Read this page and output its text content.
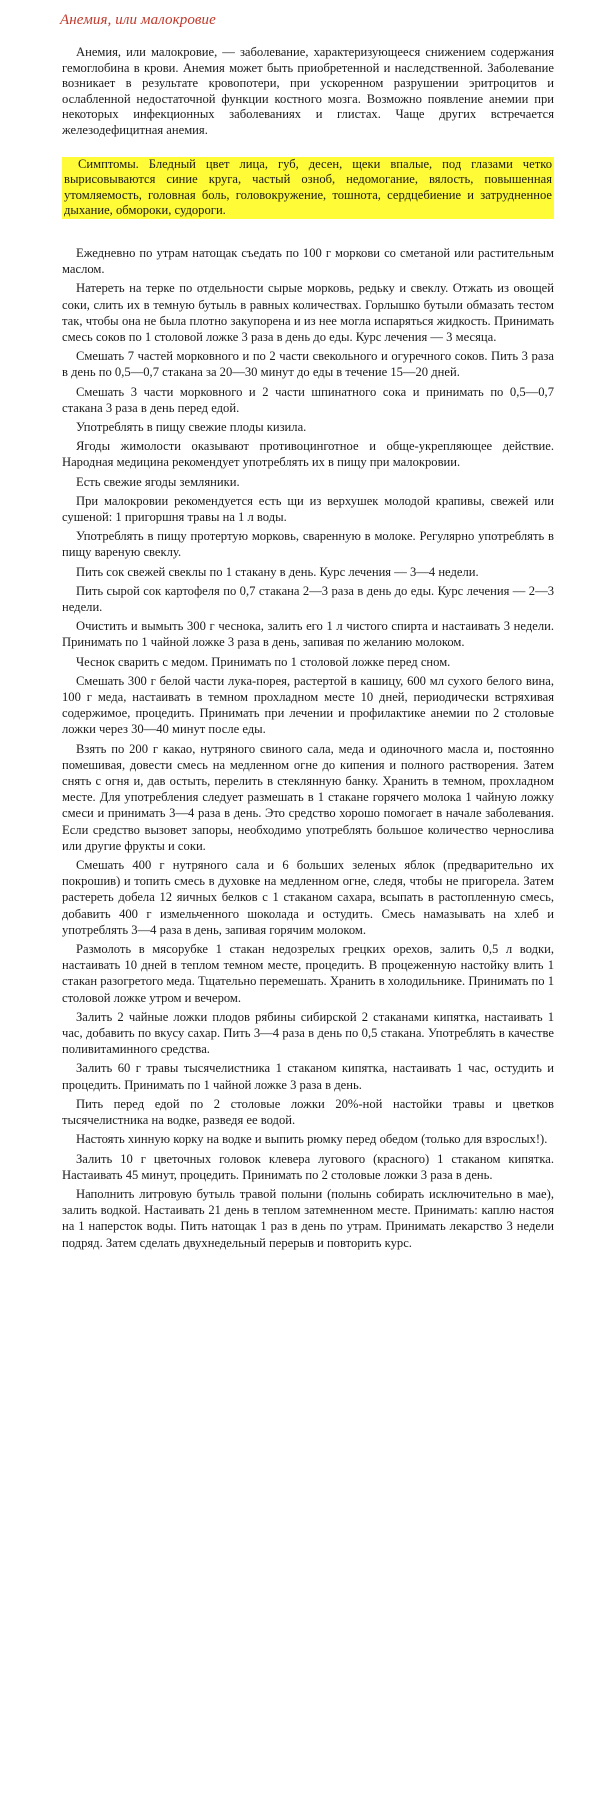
Анемия, или малокровие

Анемия, или малокровие, — заболевание, характеризующееся снижением содержания гемоглобина в крови. Анемия может быть приобретенной и наследственной. Заболевание возникает в результате кровопотери, при ускоренном разрушении эритроцитов и ослабленной недостаточной функции костного мозга. Возможно появление анемии при некоторых инфекционных заболеваниях и глистах. Чаще других встречается железодефицитная анемия.

Симптомы. Бледный цвет лица, губ, десен, щеки впалые, под глазами четко вырисовываются синие круга, частый озноб, недомогание, вялость, повышенная утомляемость, головная боль, головокружение, тошнота, сердцебиение и затрудненное дыхание, обмороки, судороги.

Ежедневно по утрам натощак съедать по 100 г моркови со сметаной или растительным маслом.

Натереть на терке по отдельности сырые морковь, редьку и свеклу. Отжать из овощей соки, слить их в темную бутыль в равных количествах. Горлышко бутыли обмазать тестом так, чтобы она не была плотно закупорена и из нее могла испаряться жидкость. Принимать смесь соков по 1 столовой ложке 3 раза в день до еды. Курс лечения — 3 месяца.

Смешать 7 частей морковного и по 2 части свекольного и огуречного соков. Пить 3 раза в день по 0,5—0,7 стакана за 20—30 минут до еды в течение 15—20 дней.

Смешать 3 части морковного и 2 части шпинатного сока и принимать по 0,5—0,7 стакана 3 раза в день перед едой.

Употреблять в пищу свежие плоды кизила.

Ягоды жимолости оказывают противоцинготное и обще-укрепляющее действие. Народная медицина рекомендует употреблять их в пищу при малокровии.

Есть свежие ягоды земляники.

При малокровии рекомендуется есть щи из верхушек молодой крапивы, свежей или сушеной: 1 пригоршня травы на 1 л воды.

Употреблять в пищу протертую морковь, сваренную в молоке. Регулярно употреблять в пищу вареную свеклу.

Пить сок свежей свеклы по 1 стакану в день. Курс лечения — 3—4 недели.

Пить сырой сок картофеля по 0,7 стакана 2—3 раза в день до еды. Курс лечения — 2—3 недели.

Очистить и вымыть 300 г чеснока, залить его 1 л чистого спирта и настаивать 3 недели. Принимать по 1 чайной ложке 3 раза в день, запивая по желанию молоком.

Чеснок сварить с медом. Принимать по 1 столовой ложке перед сном.

Смешать 300 г белой части лука-порея, растертой в кашицу, 600 мл сухого белого вина, 100 г меда, настаивать в темном прохладном месте 10 дней, периодически встряхивая содержимое, процедить. Принимать при лечении и профилактике анемии по 2 столовые ложки через 30—40 минут после еды.

Взять по 200 г какао, нутряного свиного сала, меда и одиночного масла и, постоянно помешивая, довести смесь на медленном огне до кипения и полного растворения. Затем снять с огня и, дав остыть, перелить в стеклянную банку. Хранить в темном, прохладном месте. Для употребления следует размешать в 1 стакане горячего молока 1 чайную ложку смеси и принимать 3—4 раза в день. Это средство хорошо помогает в начале заболевания. Если средство вызовет запоры, необходимо употреблять большое количество чернослива или другие фрукты и соки.

Смешать 400 г нутряного сала и 6 больших зеленых яблок (предварительно их покрошив) и топить смесь в духовке на медленном огне, следя, чтобы не пригорела. Затем растереть добела 12 яичных белков с 1 стаканом сахара, всыпать в растопленную смесь, добавить 400 г измельченного шоколада и остудить. Смесь намазывать на хлеб и употреблять 3—4 раза в день, запивая горячим молоком.

Размолоть в мясорубке 1 стакан недозрелых грецких орехов, залить 0,5 л водки, настаивать 10 дней в теплом темном месте, процедить. В процеженную настойку влить 1 стакан разогретого меда. Тщательно перемешать. Хранить в холодильнике. Принимать по 1 столовой ложке утром и вечером.

Залить 2 чайные ложки плодов рябины сибирской 2 стаканами кипятка, настаивать 1 час, добавить по вкусу сахар. Пить 3—4 раза в день по 0,5 стакана. Употреблять в качестве поливитаминного средства.

Залить 60 г травы тысячелистника 1 стаканом кипятка, настаивать 1 час, остудить и процедить. Принимать по 1 чайной ложке 3 раза в день.

Пить перед едой по 2 столовые ложки 20%-ной настойки травы и цветков тысячелистника на водке, разведя ее водой.

Настоять хинную корку на водке и выпить рюмку перед обедом (только для взрослых!).

Залить 10 г цветочных головок клевера лугового (красного) 1 стаканом кипятка. Настаивать 45 минут, процедить. Принимать по 2 столовые ложки 3 раза в день.

Наполнить литровую бутыль травой полыни (полынь собирать исключительно в мае), залить водкой. Настаивать 21 день в теплом затемненном месте. Принимать: каплю настоя на 1 наперсток воды. Пить натощак 1 раз в день по утрам. Принимать лекарство 3 недели подряд. Затем сделать двухнедельный перерыв и повторить курс.
